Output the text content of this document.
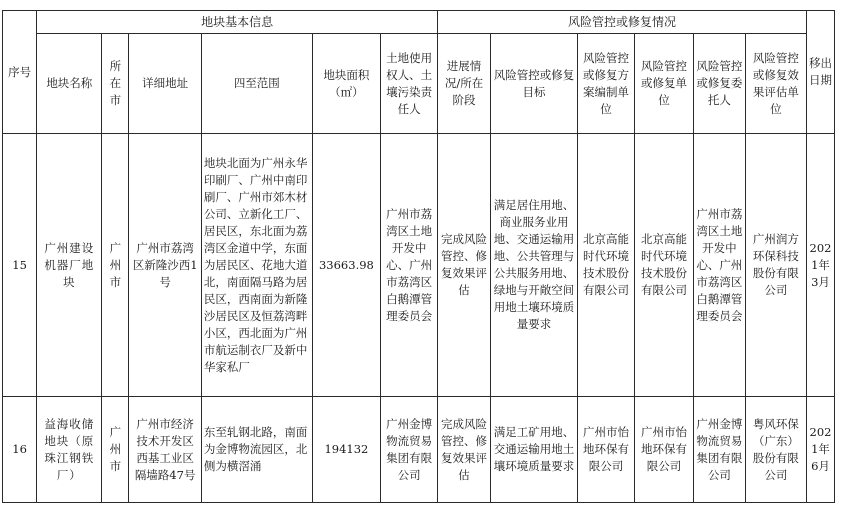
序号	地块基本信息						风险管控或修复情况						移出日期
	地块名称	所在市	详细地址	四至范围	地块面积（㎡）	土地使用权人、土壤污染责任人	进展情况/所在阶段	风险管控或修复目标	风险管控或修复方案编制单位	风险管控或修复单位	风险管控或修复委托人	风险管控或修复效果评估单位	
15	广州建设机器厂地块	广州市	广州市荔湾区新隆沙西1号	地块北面为广州永华印刷厂、广州中南印刷厂、广州市郊木材公司、立新化工厂、居民区，东北面为荔湾区金道中学，东面为居民区、花地大道北，南面隔马路为居民区，西南面为新隆沙居民区及恒荔湾畔小区，西北面为广州市航运制衣厂及新中华家私厂	33663.98	广州市荔湾区土地开发中心、广州市荔湾区白鹅潭管理委员会	完成风险管控、修复效果评估	满足居住用地、商业服务业用地、交通运输用地、公共管理与公共服务用地、绿地与开敞空间用地土壤环境质量要求	北京高能时代环境技术股份有限公司	北京高能时代环境技术股份有限公司	广州市荔湾区土地开发中心、广州市荔湾区白鹅潭管理委员会	广州润方环保科技股份有限公司	2021年3月
16	益海收储地块（原珠江钢铁厂）	广州市	广州市经济技术开发区西基工业区隔墙路47号	东至轧钢北路，南面为金博物流园区，北侧为横滘涌	194132	广州金博物流贸易集团有限公司	完成风险管控、修复效果评估	满足工矿用地、交通运输用地土壤环境质量要求	广州市怡地环保有限公司	广州市怡地环保有限公司	广州金博物流贸易集团有限公司	粤风环保（广东）股份有限公司	2021年6月
